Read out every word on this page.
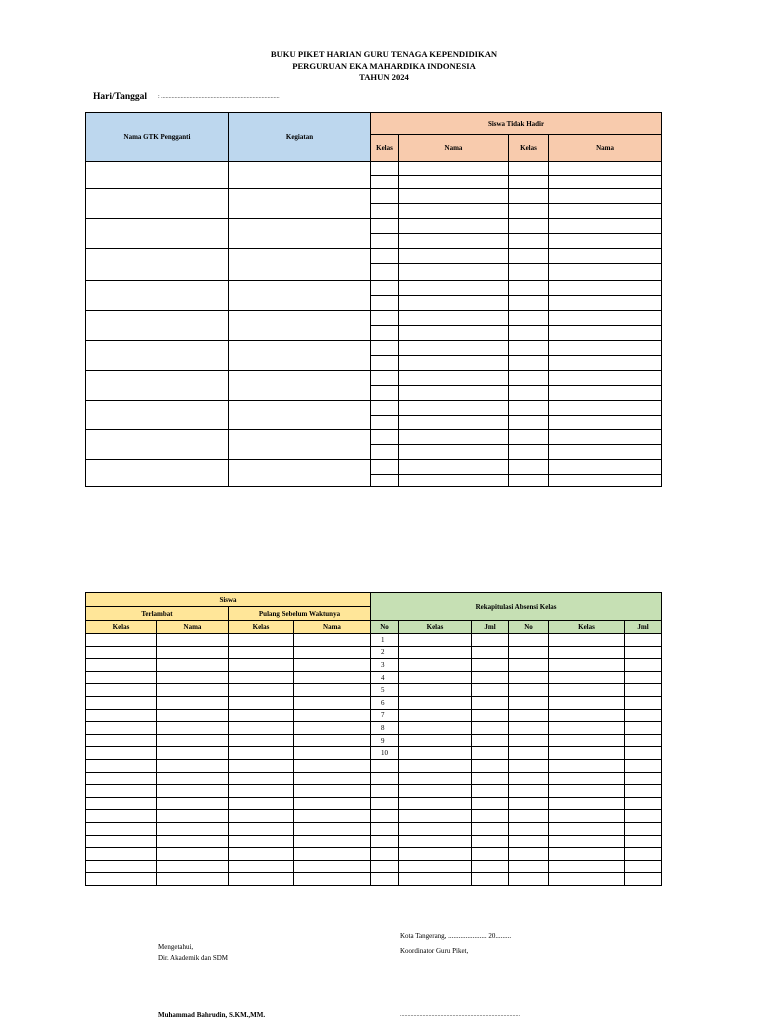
BUKU PIKET HARIAN GURU TENAGA KEPENDIDIKAN
PERGURUAN EKA MAHARDIKA INDONESIA
TAHUN 2024
Hari/Tanggal : ...............................................................................
Nama GTK Pengganti	Kegiatan	Siswa Tidak Hadir			
		Kelas	Nama	Kelas	Nama

Siswa				Rekapitulasi Absensi Kelas					
Terlambat		Pulang Sebelum Waktunya							
Kelas	Nama	Kelas	Nama	No	Kelas	Jml	No	Kelas	Jml
				1					
				2					
				3					
				4					
				5					
				6					
				7					
				8					
				9					
				10					

Mengetahui,
Dir. Akademik dan SDM
Kota Tangerang, ...................... 20.........
Koordinator Guru Piket,
Muhammad Bahrudin, S.KM.,MM.	................................................................................
